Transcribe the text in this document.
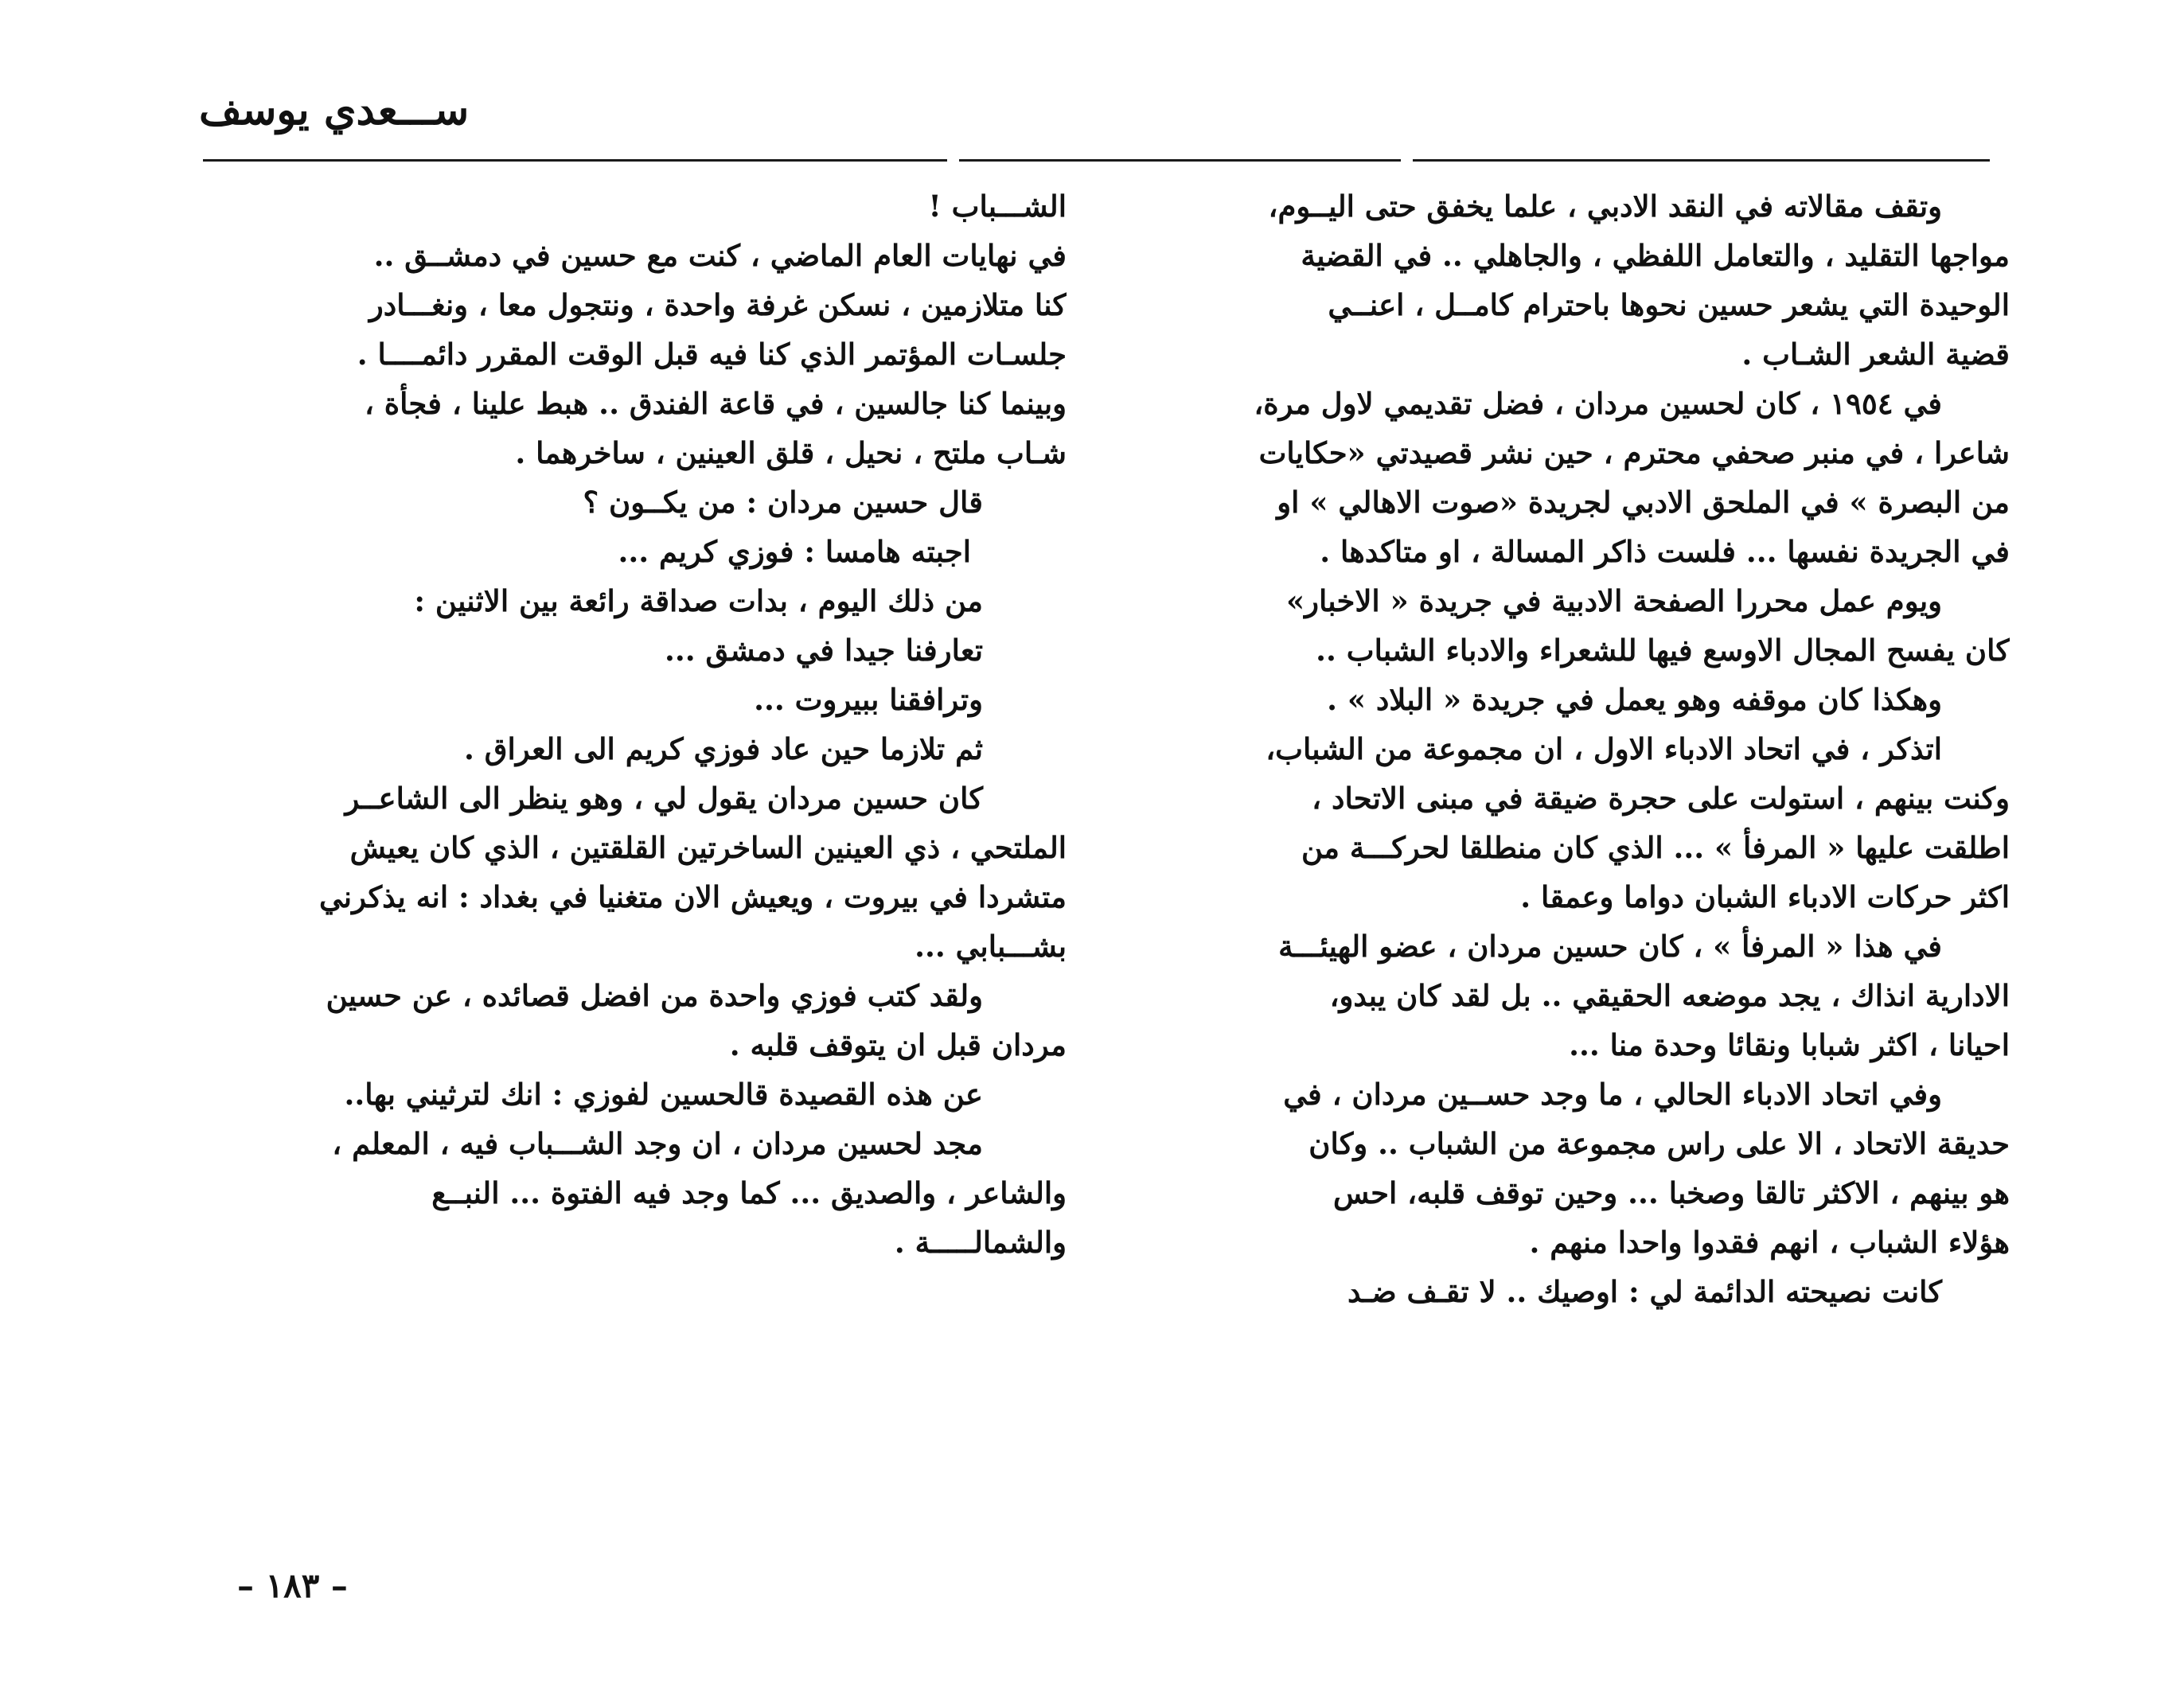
ســـعدي يوسف
وتقف مقالاته في النقد الادبي ، علما يخفق حتى اليــوم،
مواجها التقليد ، والتعامل اللفظي ، والجاهلي .. في القضية
الوحيدة التي يشعر حسين نحوها باحترام كامــل ، اعنــي
قضية الشعر الشـاب .
في ١٩٥٤ ، كان لحسين مردان ، فضل تقديمي لاول مرة،
شاعرا ، في منبر صحفي محترم ، حين نشر قصيدتي «حكايات
من البصرة » في الملحق الادبي لجريدة «صوت الاهالي » او
في الجريدة نفسها ... فلست ذاكر المسالة ، او متاكدها .
ويوم عمل محررا الصفحة الادبية في جريدة « الاخبار»
كان يفسح المجال الاوسع فيها للشعراء والادباء الشباب ..
وهكذا كان موقفه وهو يعمل في جريدة « البلاد » .
اتذكر ، في اتحاد الادباء الاول ، ان مجموعة من الشباب،
وكنت بينهم ، استولت على حجرة ضيقة في مبنى الاتحاد ،
اطلقت عليها « المرفأ » ... الذي كان منطلقا لحركـــة من
اكثر حركات الادباء الشبان دواما وعمقا .
في هذا « المرفأ » ، كان حسين مردان ، عضو الهيئـــة
الادارية انذاك ، يجد موضعه الحقيقي .. بل لقد كان يبدو،
احيانا ، اكثر شبابا ونقائا وحدة منا ...
وفي اتحاد الادباء الحالي ، ما وجد حســين مردان ، في
حديقة الاتحاد ، الا على راس مجموعة من الشباب .. وكان
هو بينهم ، الاكثر تالقا وصخبا ... وحين توقف قلبه، احس
هؤلاء الشباب ، انهم فقدوا واحدا منهم .
كانت نصيحته الدائمة لي : اوصيك .. لا تقـف ضـد
الشـــباب !
في نهايات العام الماضي ، كنت مع حسين في دمشــق ..
كنا متلازمين ، نسكن غرفة واحدة ، ونتجول معا ، ونغـــادر
جلسـات المؤتمر الذي كنا فيه قبل الوقت المقرر دائمــــا .
وبينما كنا جالسين ، في قاعة الفندق .. هبط علينا ، فجأة ،
شـاب ملتح ، نحيل ، قلق العينين ، ساخرهما .
قال حسين مردان : من يكــون ؟
اجبته هامسا : فوزي كريم ...
من ذلك اليوم ، بدات صداقة رائعة بين الاثنين :
تعارفنا جيدا في دمشق ...
وترافقنا ببيروت ...
ثم تلازما حين عاد فوزي كريم الى العراق .
كان حسين مردان يقول لي ، وهو ينظر الى الشاعــر
الملتحي ، ذي العينين الساخرتين القلقتين ، الذي كان يعيش
متشردا في بيروت ، ويعيش الان متغنيا في بغداد : انه يذكرني
بشـــبابي ...
ولقد كتب فوزي واحدة من افضل قصائده ، عن حسين
مردان قبل ان يتوقف قلبه .
عن هذه القصيدة قالحسين لفوزي : انك لترثيني بها..
مجد لحسين مردان ، ان وجد الشـــباب فيه ، المعلم ،
والشاعر ، والصديق ... كما وجد فيه الفتوة ... النبــع
والشمالـــــة .
– ١٨٣ –
